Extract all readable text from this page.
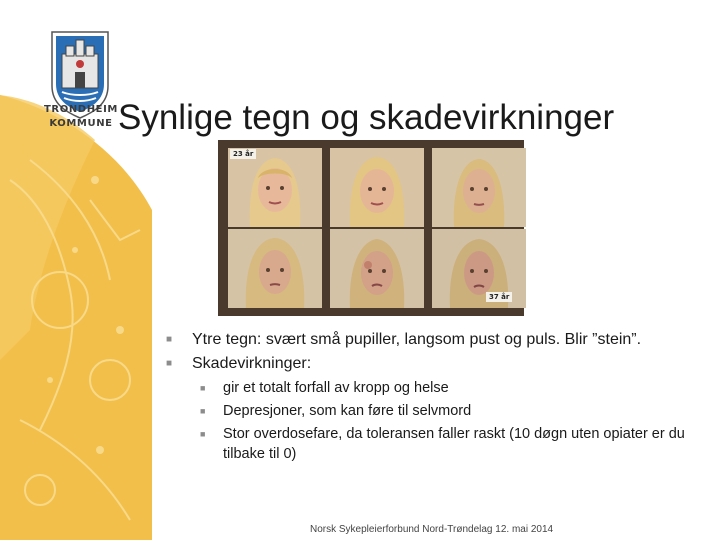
TRONDHEIM
KOMMUNE Synlige tegn og skadevirkninger
23 år
37 år
■ Ytre tegn: svært små pupiller, langsom pust og puls. Blir ”stein”.
■ Skadevirkninger:
■ gir et totalt forfall av kropp og helse
■ Depresjoner, som kan føre til selvmord
■ Stor overdosefare, da toleransen faller raskt (10 døgn uten opiater er du tilbake til 0)
Norsk Sykepleierforbund Nord-Trøndelag 12. mai 2014
